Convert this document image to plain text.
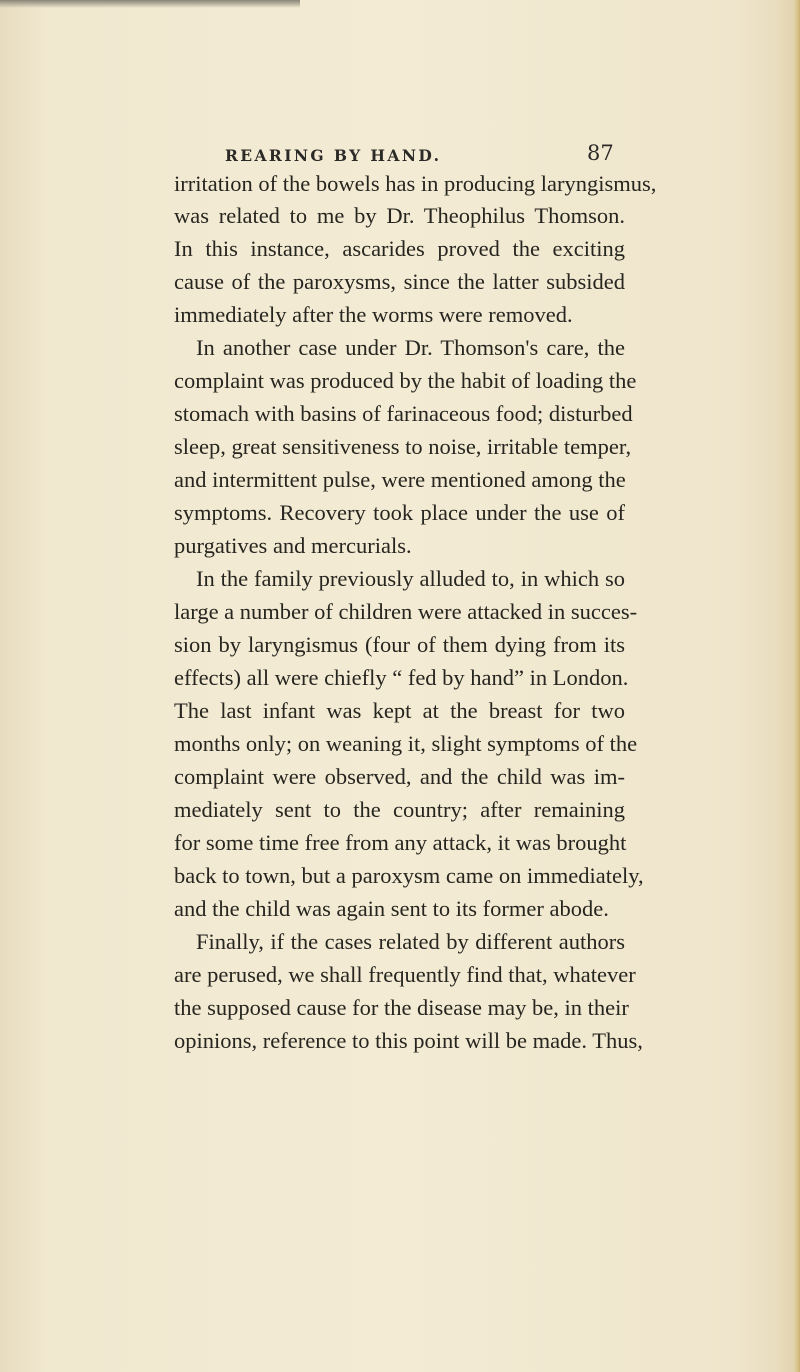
REARING BY HAND.	87
irritation of the bowels has in producing laryngismus,
was related to me by Dr. Theophilus Thomson.
In this instance, ascarides proved the exciting
cause of the paroxysms, since the latter subsided
immediately after the worms were removed.
In another case under Dr. Thomson's care, the
complaint was produced by the habit of loading the
stomach with basins of farinaceous food; disturbed
sleep, great sensitiveness to noise, irritable temper,
and intermittent pulse, were mentioned among the
symptoms. Recovery took place under the use of
purgatives and mercurials.
In the family previously alluded to, in which so
large a number of children were attacked in succes-
sion by laryngismus (four of them dying from its
effects) all were chiefly “ fed by hand” in London.
The last infant was kept at the breast for two
months only; on weaning it, slight symptoms of the
complaint were observed, and the child was im-
mediately sent to the country; after remaining
for some time free from any attack, it was brought
back to town, but a paroxysm came on immediately,
and the child was again sent to its former abode.
Finally, if the cases related by different authors
are perused, we shall frequently find that, whatever
the supposed cause for the disease may be, in their
opinions, reference to this point will be made. Thus,
